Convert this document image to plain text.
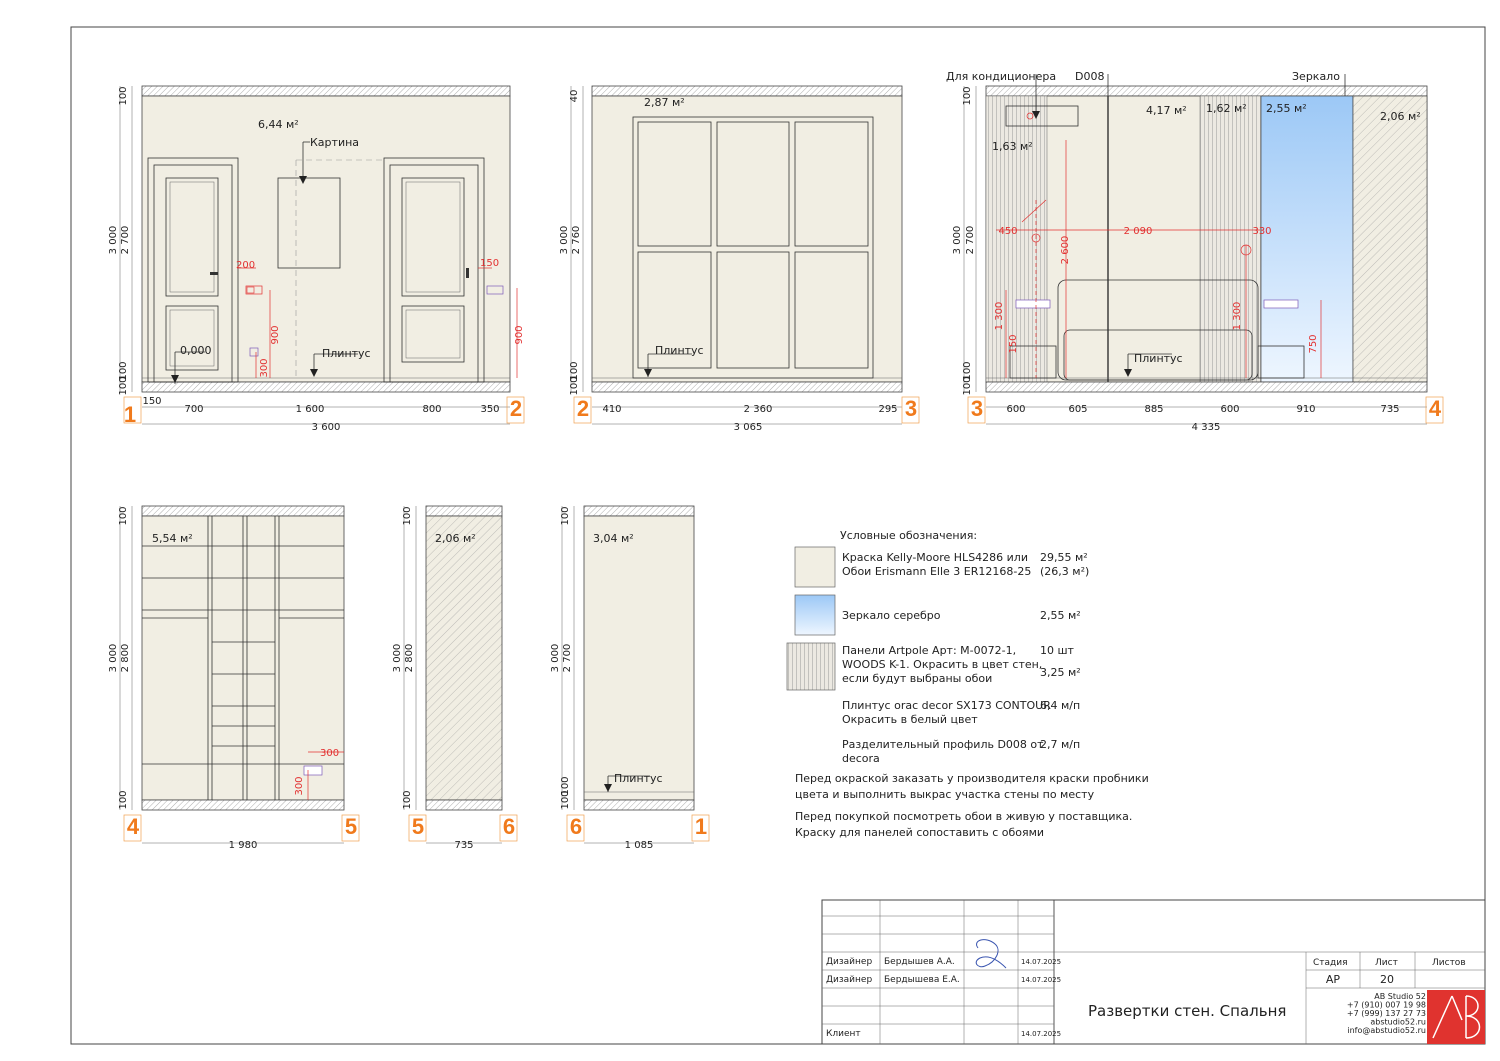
6,44 м²
Картина
Плинтус
0,000
1	2
150
700	1 600	800	350
3 600
100
3 000 2 700
100
100
200	150
900
300
900
2,87 м²
Плинтус
2	3
410	2 360	295
3 065
40
3 000 2 760
100
100
Для кондиционера D008	Зеркало
Плинтус
1,63 м²
4,17 м² 1,62 м² 2,55 м²
2,06 м²
3	4
600	605	885	600	910	735
4 335
100
3 000 2 700
100
100
450	2 090	330
2 600
1 300	1 300
150	750
5,54 м²
4	5
1 980
100
3 000 2 800
100
300
300
2,06 м²
5	6
735
100
3 000 2 800
100
3,04 м²
Плинтус
6	1
1 085
100
3 000 2 700
100
100
Условные обозначения:
Краска Kelly-Moore HLS4286 или
Обои Erismann Elle 3 ER12168-25
29,55 м²
(26,3 м²)
Зеркало серебро	2,55 м²
Панели Artpole Арт: M-0072-1,
WOODS K-1. Окрасить в цвет стен,
если будут выбраны обои
10 шт
3,25 м²
Плинтус orac decor SX173 CONTOUR
Окрасить в белый цвет
6,4 м/п
Разделительный профиль D008 от
decora
2,7 м/п
Перед окраской заказать у производителя краски пробники
цвета и выполнить выкрас участка стены по месту
Перед покупкой посмотреть обои в живую у поставщика.
Краску для панелей сопоставить с обоями
Развертки стен. Спальня
Стадия	Лист	Листов
АР	20
AB Studio 52
+7 (910) 007 19 98
+7 (999) 137 27 73
abstudio52.ru
info@abstudio52.ru
Дизайнер Бердышев А.А.	14.07.2025
Дизайнер Бердышева Е.А.	14.07.2025
Клиент	14.07.2025
